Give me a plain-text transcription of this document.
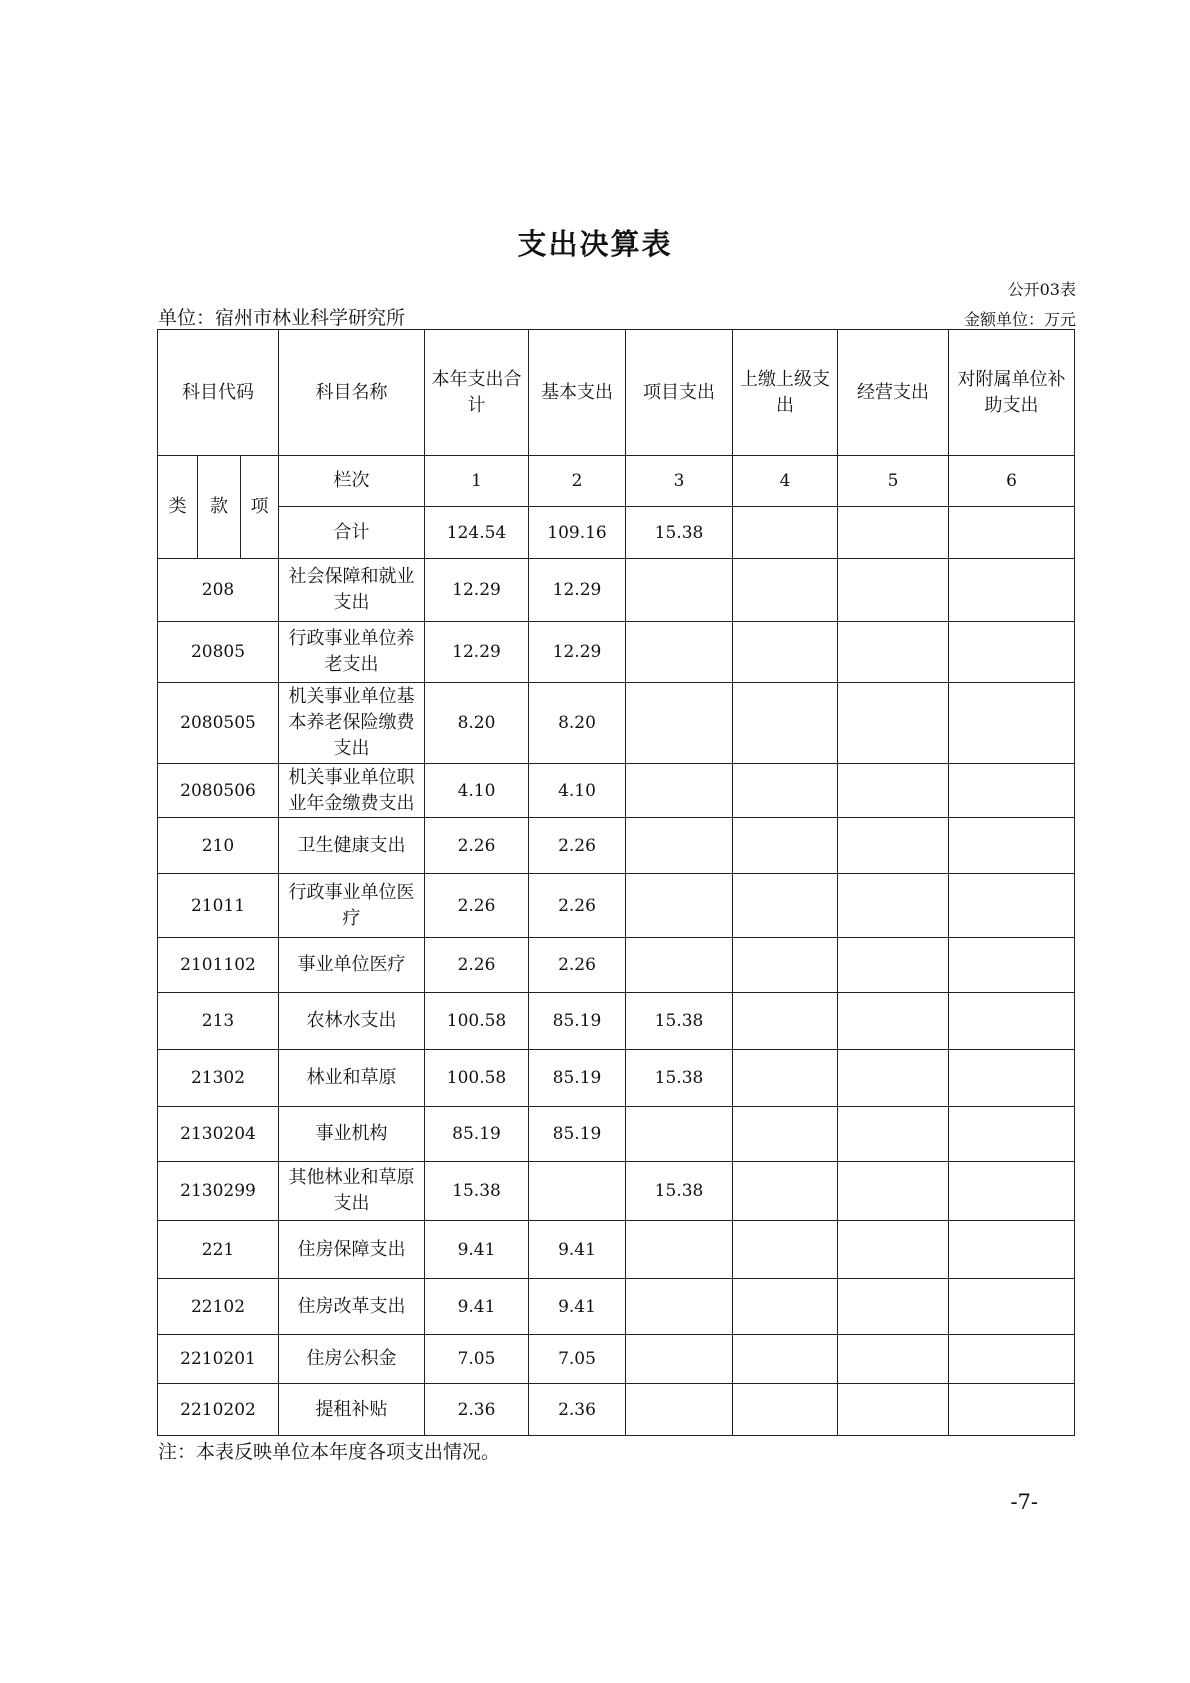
支出决算表
公开03表
单位：宿州市林业科学研究所	金额单位：万元
科目代码			科目名称	本年支出合计	基本支出	项目支出	上缴上级支出	经营支出	对附属单位补助支出
类	款	项	栏次	1	2	3	4	5	6
			合计	124.54	109.16	15.38			
208			社会保障和就业支出	12.29	12.29				
20805			行政事业单位养老支出	12.29	12.29				
2080505			机关事业单位基本养老保险缴费支出	8.20	8.20				
2080506			机关事业单位职业年金缴费支出	4.10	4.10				
210			卫生健康支出	2.26	2.26				
21011			行政事业单位医疗	2.26	2.26				
2101102			事业单位医疗	2.26	2.26				
213			农林水支出	100.58	85.19	15.38			
21302			林业和草原	100.58	85.19	15.38			
2130204			事业机构	85.19	85.19				
2130299			其他林业和草原支出	15.38		15.38			
221			住房保障支出	9.41	9.41				
22102			住房改革支出	9.41	9.41				
2210201			住房公积金	7.05	7.05				
2210202			提租补贴	2.36	2.36				
注：本表反映单位本年度各项支出情况。
-7-
